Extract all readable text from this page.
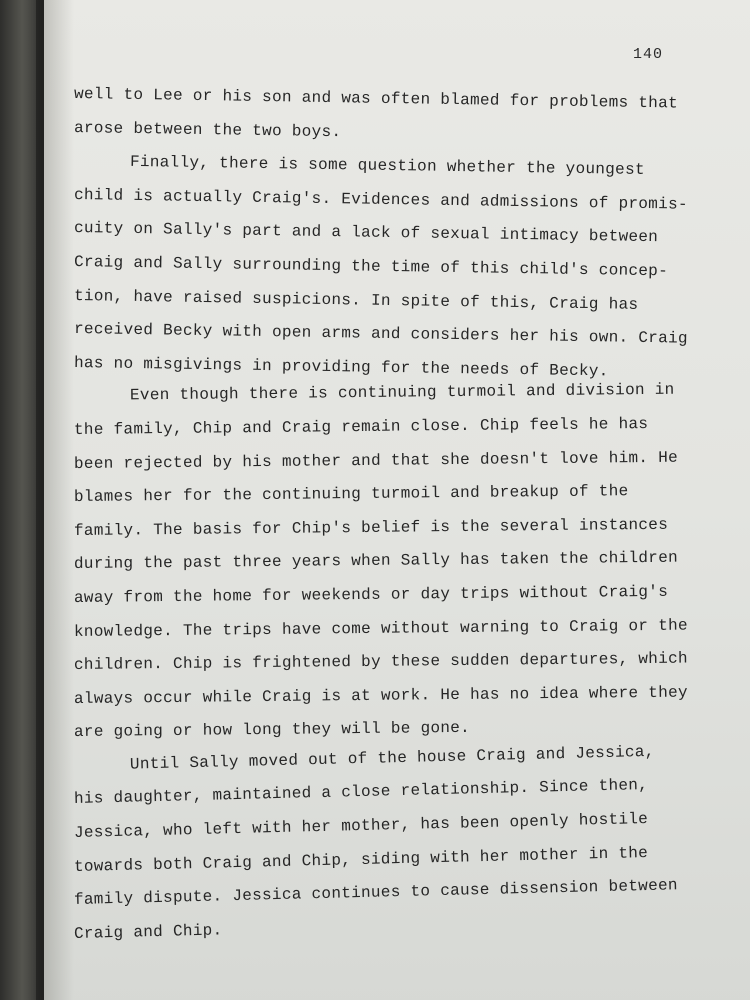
140
well to Lee or his son and was often blamed for problems that
arose between the two boys.
Finally, there is some question whether the youngest
child is actually Craig's. Evidences and admissions of promis-
cuity on Sally's part and a lack of sexual intimacy between
Craig and Sally surrounding the time of this child's concep-
tion, have raised suspicions. In spite of this, Craig has
received Becky with open arms and considers her his own. Craig
has no misgivings in providing for the needs of Becky.
Even though there is continuing turmoil and division in
the family, Chip and Craig remain close. Chip feels he has
been rejected by his mother and that she doesn't love him. He
blames her for the continuing turmoil and breakup of the
family. The basis for Chip's belief is the several instances
during the past three years when Sally has taken the children
away from the home for weekends or day trips without Craig's
knowledge. The trips have come without warning to Craig or the
children. Chip is frightened by these sudden departures, which
always occur while Craig is at work. He has no idea where they
are going or how long they will be gone.
Until Sally moved out of the house Craig and Jessica,
his daughter, maintained a close relationship. Since then,
Jessica, who left with her mother, has been openly hostile
towards both Craig and Chip, siding with her mother in the
family dispute. Jessica continues to cause dissension between
Craig and Chip.
